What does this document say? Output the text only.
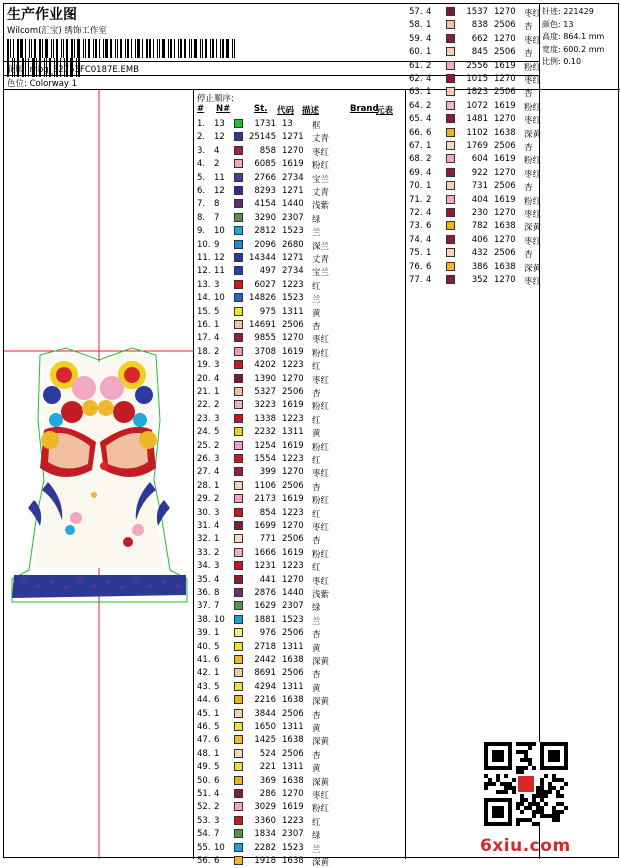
生产作业图
Wilcom(汇宝) 绣饰工作室
花版: mbg_32753FC0187E.EMB
色位: Colorway 1
针迹: 221429
颜色: 13
高度: 864.1 mm
宽度: 600.2 mm
比例: 0.10
停止顺序:
# N#	St. 代码 描述	Brand
元表
1. 13	1731 13 框
2. 12	25145 1271 丈青
3. 4	858 1270 枣红
4. 2	6085 1619 粉红
5. 11	2766 2734 宝兰
6. 12	8293 1271 丈青
7. 8	4154 1440 浅紫
8. 7	3290 2307 绿
9. 10	2812 1523 兰
10. 9	2096 2680 深兰
11. 12	14344 1271 丈青
12. 11	497 2734 宝兰
13. 3	6027 1223 红
14. 10	14826 1523 兰
15. 5	975 1311 黄
16. 1	14691 2506 杏
17. 4	9855 1270 枣红
18. 2	3708 1619 粉红
19. 3	4202 1223 红
20. 4	1390 1270 枣红
21. 1	5327 2506 杏
22. 2	3223 1619 粉红
23. 3	1338 1223 红
24. 5	2232 1311 黄
25. 2	1254 1619 粉红
26. 3	1554 1223 红
27. 4	399 1270 枣红
28. 1	1106 2506 杏
29. 2	2173 1619 粉红
30. 3	854 1223 红
31. 4	1699 1270 枣红
32. 1	771 2506 杏
33. 2	1666 1619 粉红
34. 3	1231 1223 红
35. 4	441 1270 枣红
36. 8	2876 1440 浅紫
37. 7	1629 2307 绿
38. 10	1881 1523 兰
39. 1	976 2506 杏
40. 5	2718 1311 黄
41. 6	2442 1638 深黄
42. 1	8691 2506 杏
43. 5	4294 1311 黄
44. 6	2216 1638 深黄
45. 1	3844 2506 杏
46. 5	1650 1311 黄
47. 6	1425 1638 深黄
48. 1	524 2506 杏
49. 5	221 1311 黄
50. 6	369 1638 深黄
51. 4	286 1270 枣红
52. 2	3029 1619 粉红
53. 3	3360 1223 红
54. 7	1834 2307 绿
55. 10	2282 1523 兰
56. 6	1918 1638 深黄
57. 4	1537 1270 枣红
58. 1	838 2506 杏
59. 4	662 1270 枣红
60. 1	845 2506 杏
61. 2	2556 1619 粉红
62. 4	1015 1270 枣红
63. 1	1823 2506 杏
64. 2	1072 1619 粉红
65. 4	1481 1270 枣红
66. 6	1102 1638 深黄
67. 1	1769 2506 杏
68. 2	604 1619 粉红
69. 4	922 1270 枣红
70. 1	731 2506 杏
71. 2	404 1619 粉红
72. 4	230 1270 枣红
73. 6	782 1638 深黄
74. 4	406 1270 枣红
75. 1	432 2506 杏
76. 6	386 1638 深黄
77. 4	352 1270 枣红
6xiu.com
